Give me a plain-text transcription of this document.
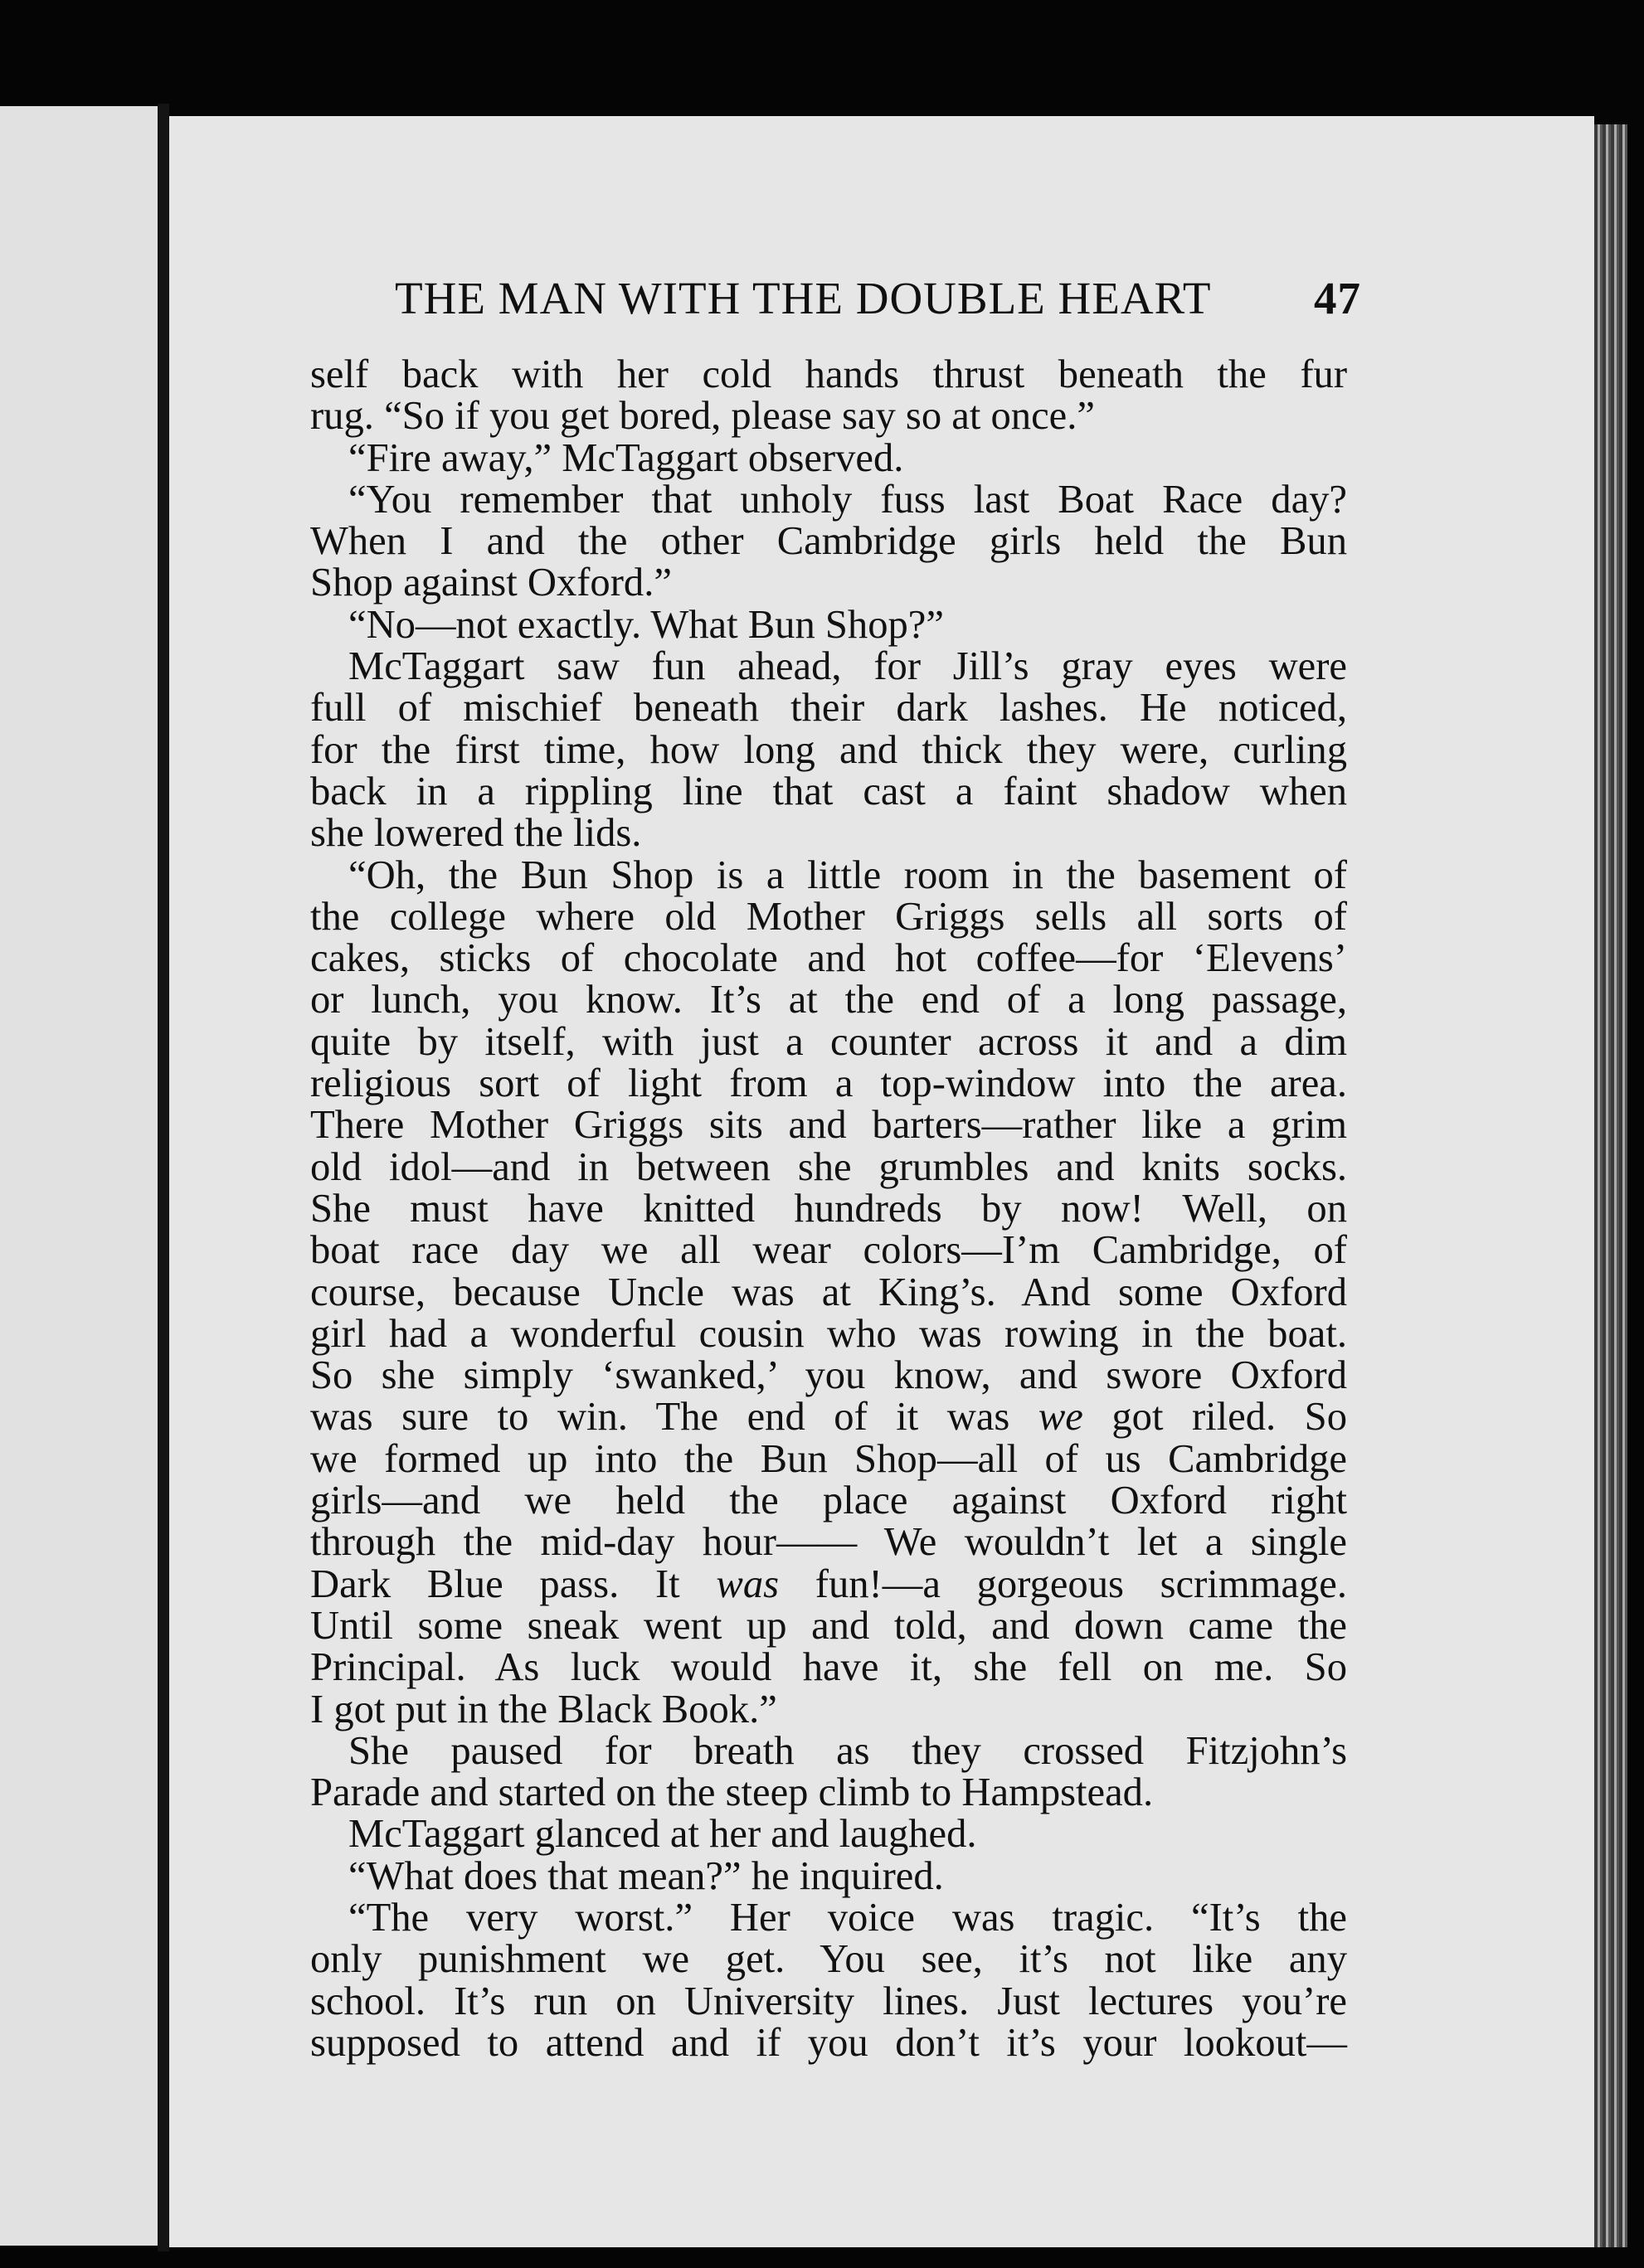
THE MAN WITH THE DOUBLE HEART 47
self back with her cold hands thrust beneath the fur
rug. “So if you get bored, please say so at once.”
“Fire away,” McTaggart observed.
“You remember that unholy fuss last Boat Race day?
When I and the other Cambridge girls held the Bun
Shop against Oxford.”
“No—not exactly. What Bun Shop?”
McTaggart saw fun ahead, for Jill’s gray eyes were
full of mischief beneath their dark lashes. He noticed,
for the first time, how long and thick they were, curling
back in a rippling line that cast a faint shadow when
she lowered the lids.
“Oh, the Bun Shop is a little room in the basement of
the college where old Mother Griggs sells all sorts of
cakes, sticks of chocolate and hot coffee—for ‘Elevens’
or lunch, you know. It’s at the end of a long passage,
quite by itself, with just a counter across it and a dim
religious sort of light from a top-window into the area.
There Mother Griggs sits and barters—rather like a grim
old idol—and in between she grumbles and knits socks.
She must have knitted hundreds by now! Well, on
boat race day we all wear colors—I’m Cambridge, of
course, because Uncle was at King’s. And some Oxford
girl had a wonderful cousin who was rowing in the boat.
So she simply ‘swanked,’ you know, and swore Oxford
was sure to win. The end of it was we got riled. So
we formed up into the Bun Shop—all of us Cambridge
girls—and we held the place against Oxford right
through the mid-day hour—— We wouldn’t let a single
Dark Blue pass. It was fun!—a gorgeous scrimmage.
Until some sneak went up and told, and down came the
Principal. As luck would have it, she fell on me. So
I got put in the Black Book.”
She paused for breath as they crossed Fitzjohn’s
Parade and started on the steep climb to Hampstead.
McTaggart glanced at her and laughed.
“What does that mean?” he inquired.
“The very worst.” Her voice was tragic. “It’s the
only punishment we get. You see, it’s not like any
school. It’s run on University lines. Just lectures you’re
supposed to attend and if you don’t it’s your lookout—
